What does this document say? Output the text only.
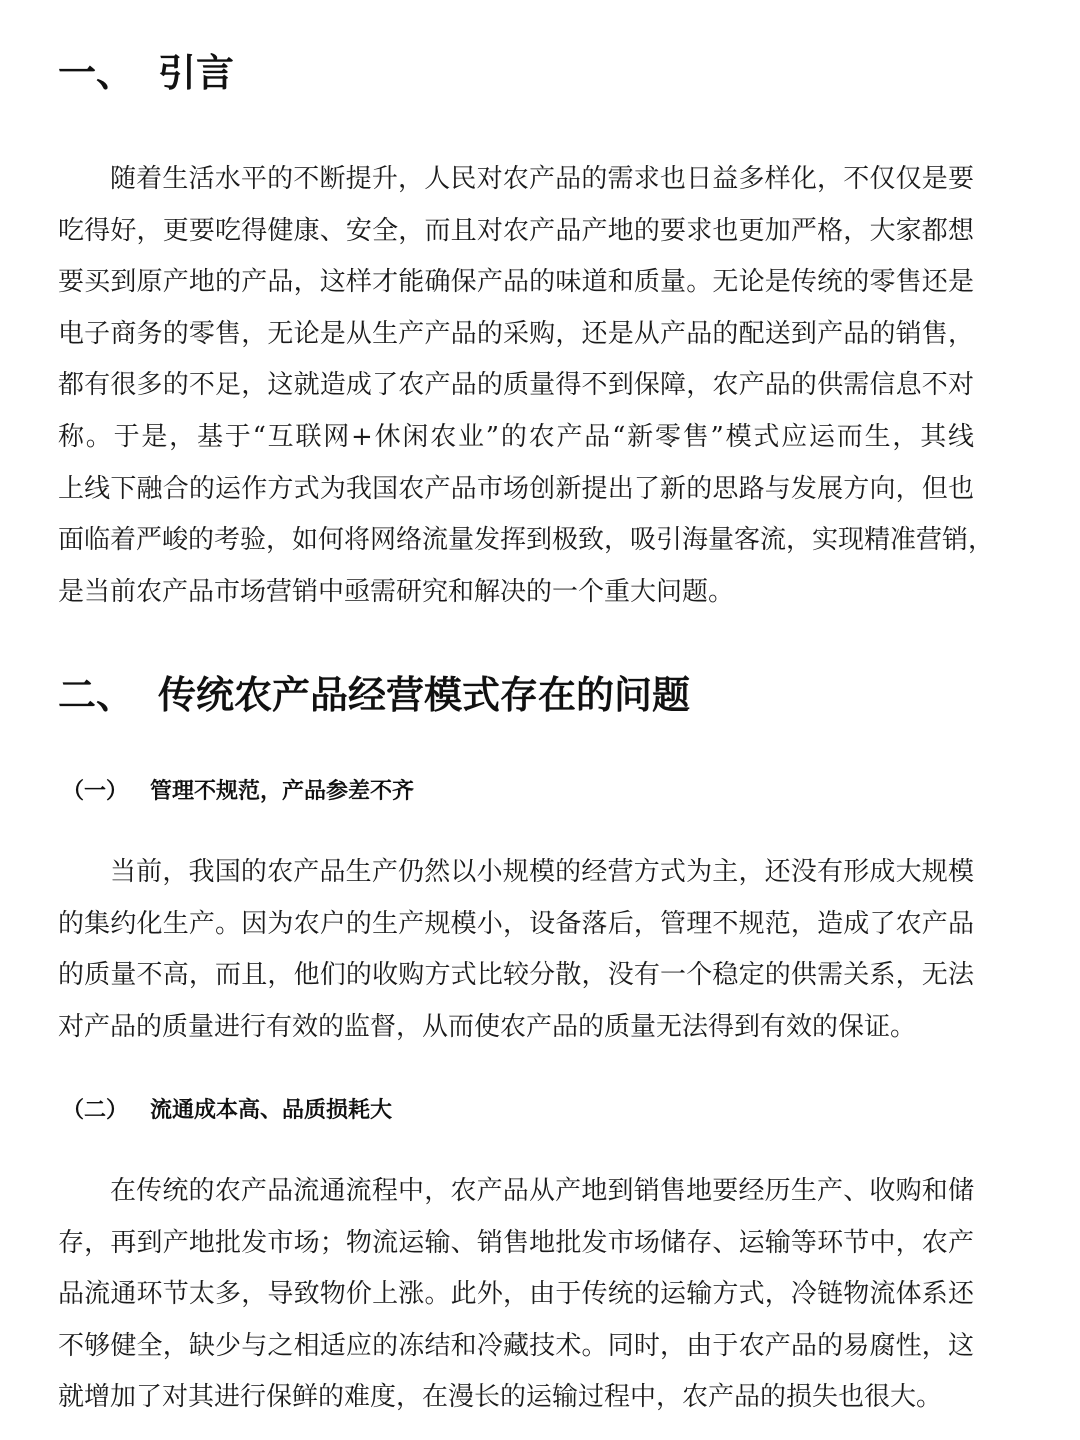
一、 引言
随着生活水平的不断提升，人民对农产品的需求也日益多样化，不仅仅是要
吃得好，更要吃得健康、安全，而且对农产品产地的要求也更加严格，大家都想
要买到原产地的产品，这样才能确保产品的味道和质量。无论是传统的零售还是
电子商务的零售，无论是从生产产品的采购，还是从产品的配送到产品的销售，
都有很多的不足，这就造成了农产品的质量得不到保障，农产品的供需信息不对
称。于是，基于“互联网+休闲农业”的农产品“新零售”模式应运而生，其线
上线下融合的运作方式为我国农产品市场创新提出了新的思路与发展方向，但也
面临着严峻的考验，如何将网络流量发挥到极致，吸引海量客流，实现精准营销，
是当前农产品市场营销中亟需研究和解决的一个重大问题。
二、 传统农产品经营模式存在的问题
（一） 管理不规范，产品参差不齐
当前，我国的农产品生产仍然以小规模的经营方式为主，还没有形成大规模
的集约化生产。因为农户的生产规模小，设备落后，管理不规范，造成了农产品
的质量不高，而且，他们的收购方式比较分散，没有一个稳定的供需关系，无法
对产品的质量进行有效的监督，从而使农产品的质量无法得到有效的保证。
（二） 流通成本高、品质损耗大
在传统的农产品流通流程中，农产品从产地到销售地要经历生产、收购和储
存，再到产地批发市场；物流运输、销售地批发市场储存、运输等环节中，农产
品流通环节太多，导致物价上涨。此外，由于传统的运输方式，冷链物流体系还
不够健全，缺少与之相适应的冻结和冷藏技术。同时，由于农产品的易腐性，这
就增加了对其进行保鲜的难度，在漫长的运输过程中，农产品的损失也很大。
